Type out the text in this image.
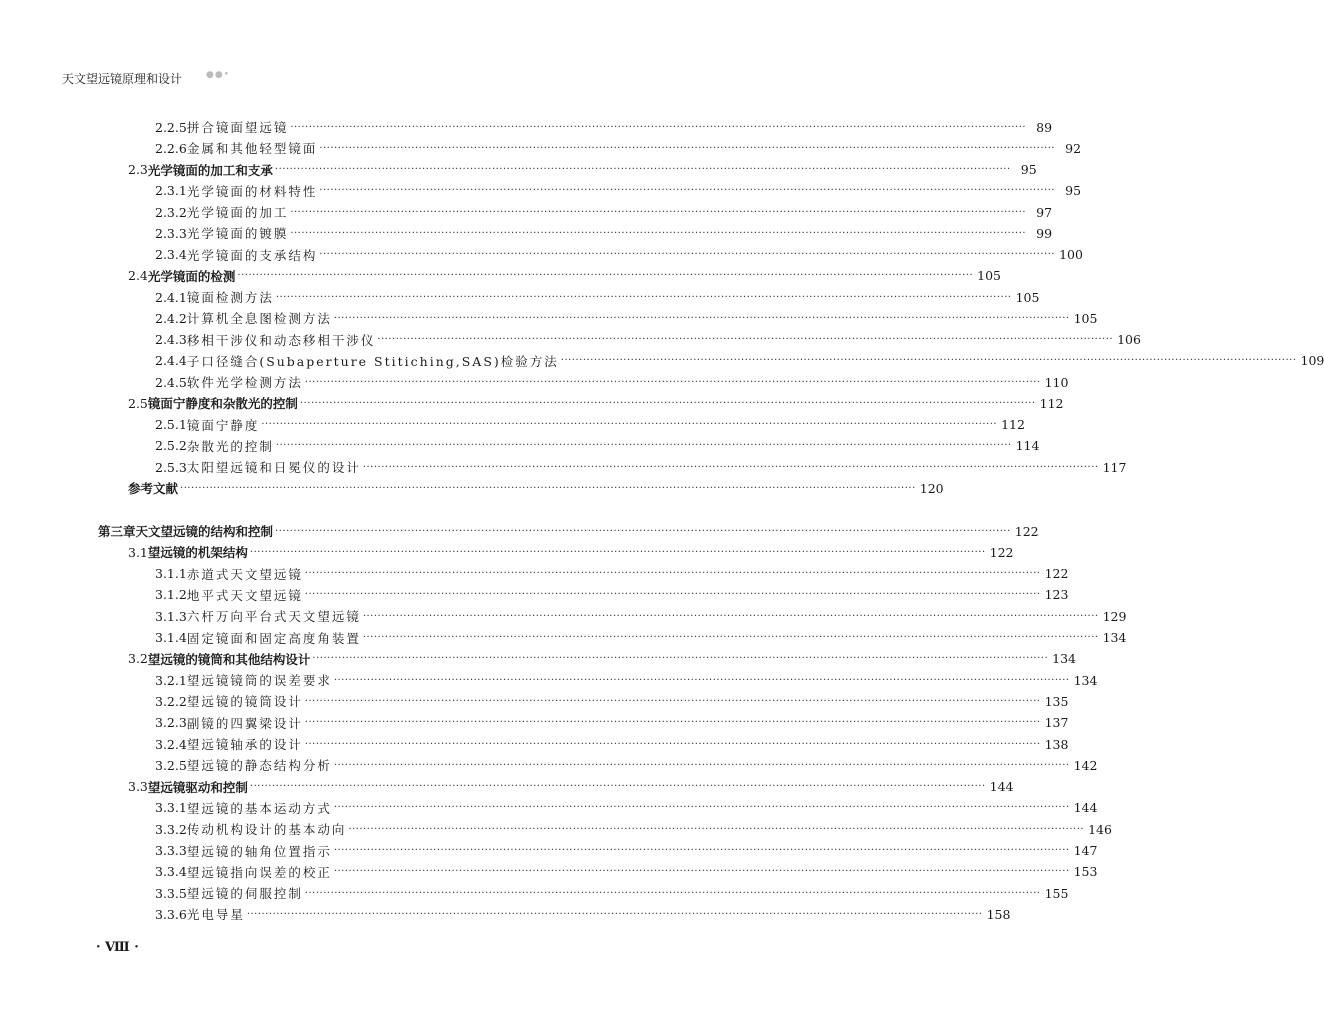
天文望远镜原理和设计	●●•
2.2.5 拼合镜面望远镜 ········································································································································································································ 89
2.2.6 金属和其他轻型镜面 ········································································································································································································ 92
2.3 光学镜面的加工和支承 ········································································································································································································ 95
2.3.1 光学镜面的材料特性 ········································································································································································································ 95
2.3.2 光学镜面的加工 ········································································································································································································ 97
2.3.3 光学镜面的镀膜 ········································································································································································································ 99
2.3.4 光学镜面的支承结构 ········································································································································································································ 100
2.4 光学镜面的检测 ········································································································································································································ 105
2.4.1 镜面检测方法 ········································································································································································································ 105
2.4.2 计算机全息图检测方法 ········································································································································································································ 105
2.4.3 移相干涉仪和动态移相干涉仪 ········································································································································································································ 106
2.4.4 子口径缝合(Subaperture Stitiching,SAS)检验方法 ········································································································································································································ 109
2.4.5 软件光学检测方法 ········································································································································································································ 110
2.5 镜面宁静度和杂散光的控制 ········································································································································································································ 112
2.5.1 镜面宁静度 ········································································································································································································ 112
2.5.2 杂散光的控制 ········································································································································································································ 114
2.5.3 太阳望远镜和日冕仪的设计 ········································································································································································································ 117
参考文献 ········································································································································································································ 120
第三章 天文望远镜的结构和控制 ········································································································································································································ 122
3.1 望远镜的机架结构 ········································································································································································································ 122
3.1.1 赤道式天文望远镜 ········································································································································································································ 122
3.1.2 地平式天文望远镜 ········································································································································································································ 123
3.1.3 六杆万向平台式天文望远镜 ········································································································································································································ 129
3.1.4 固定镜面和固定高度角装置 ········································································································································································································ 134
3.2 望远镜的镜筒和其他结构设计 ········································································································································································································ 134
3.2.1 望远镜镜筒的误差要求 ········································································································································································································ 134
3.2.2 望远镜的镜筒设计 ········································································································································································································ 135
3.2.3 副镜的四翼梁设计 ········································································································································································································ 137
3.2.4 望远镜轴承的设计 ········································································································································································································ 138
3.2.5 望远镜的静态结构分析 ········································································································································································································ 142
3.3 望远镜驱动和控制 ········································································································································································································ 144
3.3.1 望远镜的基本运动方式 ········································································································································································································ 144
3.3.2 传动机构设计的基本动向 ········································································································································································································ 146
3.3.3 望远镜的轴角位置指示 ········································································································································································································ 147
3.3.4 望远镜指向误差的校正 ········································································································································································································ 153
3.3.5 望远镜的伺服控制 ········································································································································································································ 155
3.3.6 光电导星 ········································································································································································································ 158
· Ⅷ ·
